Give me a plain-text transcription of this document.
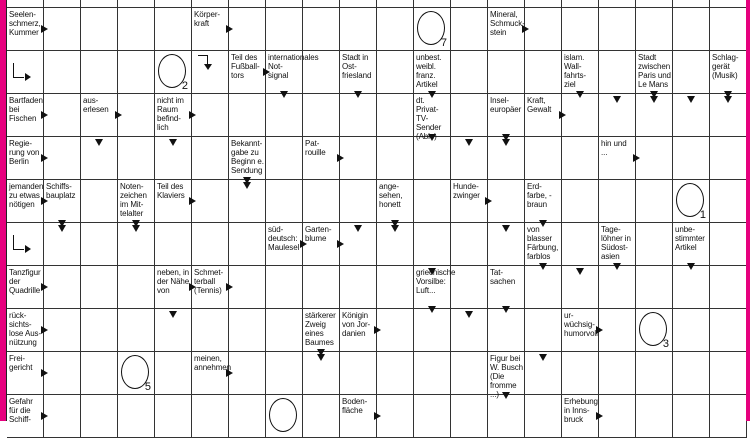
Seelen-schmerz, Kummer
Körper-kraft
7
Mineral, Schmuck-stein
2
Teil des Fußball-tors
internationales Not-signal
Stadt in Ost-friesland
unbest. weibl. franz. Artikel
islam. Wall-fahrts-ziel
Stadt zwischen Paris und Le Mans
Schlag-gerät (Musik)
Bartfaden bei Fischen
aus-erlesen
nicht im Raum befind-lich
dt. Privat-TV-Sender (Abk.)
Insel-europäer
Kraft, Gewalt
Regie-rung von Berlin
Bekannt-gabe zu Beginn e. Sendung
Pat-rouille
hin und ...
jemanden zu etwas nötigen
Schiffs-bauplatz
Noten-zeichen im Mit-telalter
Teil des Klaviers
ange-sehen, honett
Hunde-zwinger
Erd-farbe, -braun
1
süd-deutsch: Maulesel
Garten-blume
von blasser Färbung, farblos
Tage-löhner in Südost-asien
unbe-stimmter Artikel
Tanzfigur der Quadrille
neben, in der Nähe von
Schmet-terball (Tennis)
griechische Vorsilbe: Luft...
Tat-sachen
rück-sichts-lose Aus-nützung
stärkerer Zweig eines Baumes
Königin von Jor-danien
ur-wüchsig-humorvoll
3
Frei-gericht
5
meinen, annehmen
Figur bei W. Busch (Die fromme ...)
Gefahr für die Schiff-
Boden-fläche
Erhebung in Inns-bruck
